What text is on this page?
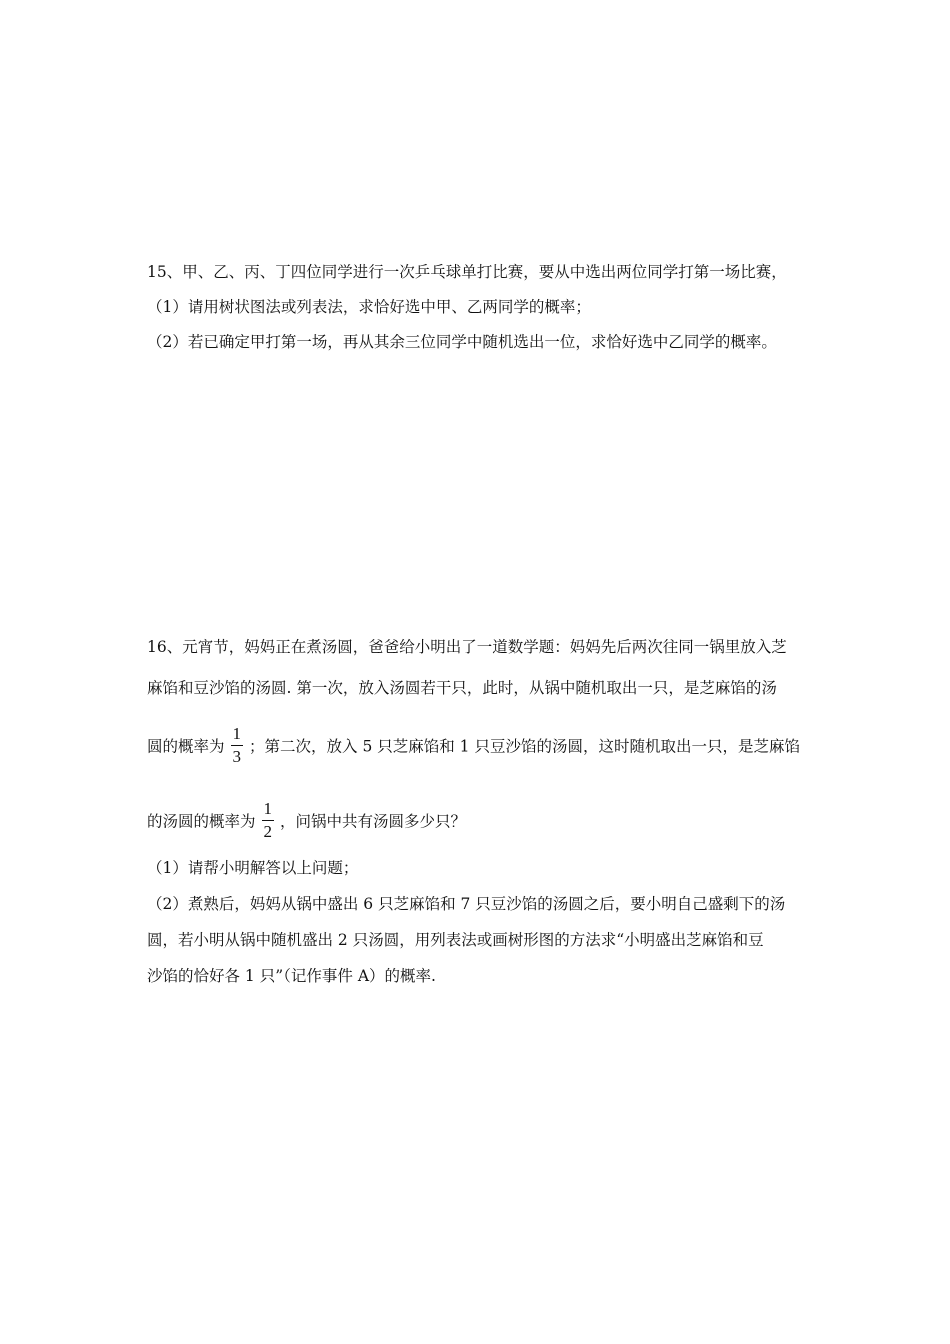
15、甲、乙、丙、丁四位同学进行一次乒乓球单打比赛，要从中选出两位同学打第一场比赛，
（1）请用树状图法或列表法，求恰好选中甲、乙两同学的概率；
（2）若已确定甲打第一场，再从其余三位同学中随机选出一位，求恰好选中乙同学的概率。
16、元宵节，妈妈正在煮汤圆，爸爸给小明出了一道数学题：妈妈先后两次往同一锅里放入芝
麻馅和豆沙馅的汤圆. 第一次，放入汤圆若干只，此时，从锅中随机取出一只，是芝麻馅的汤
圆的概率为 $\frac{1}{3}$ ；第二次，放入 5 只芝麻馅和 1 只豆沙馅的汤圆，这时随机取出一只，是芝麻馅
的汤圆的概率为 $\frac{1}{2}$ ，问锅中共有汤圆多少只？
（1）请帮小明解答以上问题；
（2）煮熟后，妈妈从锅中盛出 6 只芝麻馅和 7 只豆沙馅的汤圆之后，要小明自己盛剩下的汤
圆，若小明从锅中随机盛出 2 只汤圆，用列表法或画树形图的方法求“小明盛出芝麻馅和豆
沙馅的恰好各 1 只”（记作事件 A）的概率.
